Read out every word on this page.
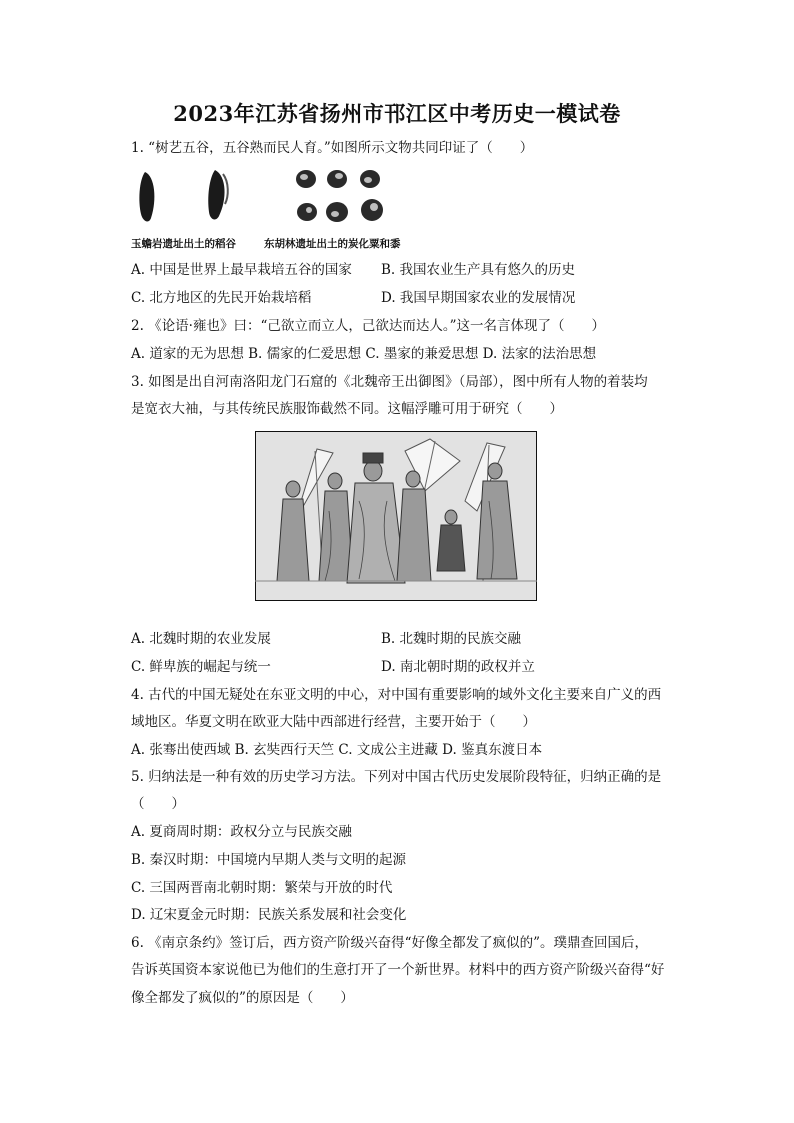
2023年江苏省扬州市邗江区中考历史一模试卷
1. “树艺五谷，五谷熟而民人育。”如图所示文物共同印证了（　　）
玉蟾岩遗址出土的稻谷	东胡林遗址出土的炭化粟和黍
A. 中国是世界上最早栽培五谷的国家 B. 我国农业生产具有悠久的历史
C. 北方地区的先民开始栽培稻	D. 我国早期国家农业的发展情况
2. 《论语·雍也》曰：“己欲立而立人，己欲达而达人。”这一名言体现了（　　）
A. 道家的无为思想 B. 儒家的仁爱思想 C. 墨家的兼爱思想 D. 法家的法治思想
3. 如图是出自河南洛阳龙门石窟的《北魏帝王出御图》（局部），图中所有人物的着装均
是宽衣大袖，与其传统民族服饰截然不同。这幅浮雕可用于研究（　　）
A. 北魏时期的农业发展	B. 北魏时期的民族交融
C. 鲜卑族的崛起与统一	D. 南北朝时期的政权并立
4. 古代的中国无疑处在东亚文明的中心，对中国有重要影响的域外文化主要来自广义的西
域地区。华夏文明在欧亚大陆中西部进行经营，主要开始于（　　）
A. 张骞出使西域 B. 玄奘西行天竺 C. 文成公主进藏 D. 鉴真东渡日本
5. 归纳法是一种有效的历史学习方法。下列对中国古代历史发展阶段特征，归纳正确的是
（　　）
A. 夏商周时期：政权分立与民族交融
B. 秦汉时期：中国境内早期人类与文明的起源
C. 三国两晋南北朝时期：繁荣与开放的时代
D. 辽宋夏金元时期：民族关系发展和社会变化
6. 《南京条约》签订后，西方资产阶级兴奋得“好像全都发了疯似的”。璞鼎查回国后，
告诉英国资本家说他已为他们的生意打开了一个新世界。材料中的西方资产阶级兴奋得“好
像全都发了疯似的”的原因是（　　）
